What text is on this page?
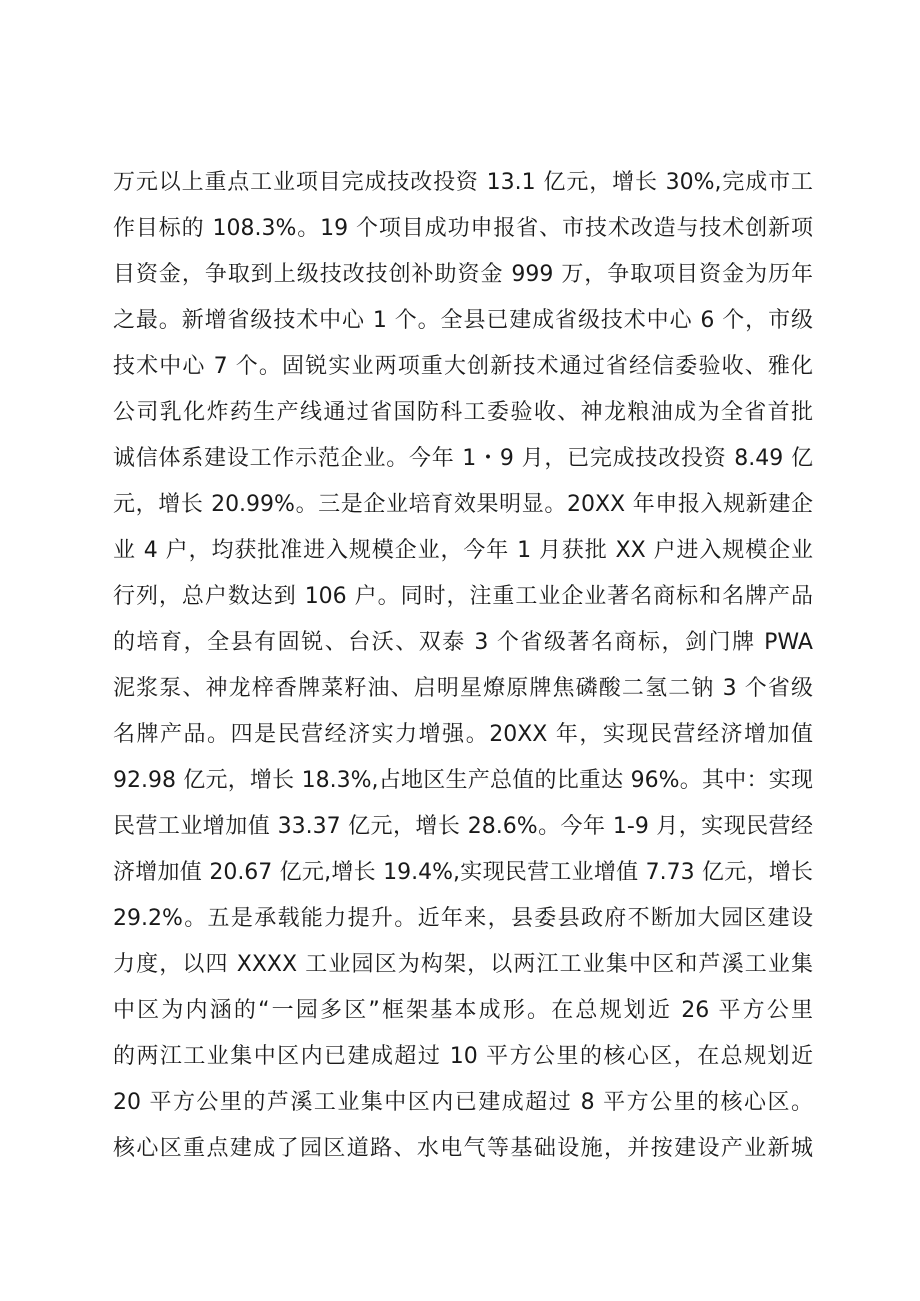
万元以上重点工业项目完成技改投资 13.1 亿元，增长 30%,完成市工
作目标的 108.3%。19 个项目成功申报省、市技术改造与技术创新项
目资金，争取到上级技改技创补助资金 999 万，争取项目资金为历年
之最。新增省级技术中心 1 个。全县已建成省级技术中心 6 个，市级
技术中心 7 个。固锐实业两项重大创新技术通过省经信委验收、雅化
公司乳化炸药生产线通过省国防科工委验收、神龙粮油成为全省首批
诚信体系建设工作示范企业。今年 1・9 月，已完成技改投资 8.49 亿
元，增长 20.99%。三是企业培育效果明显。20XX 年申报入规新建企
业 4 户，均获批准进入规模企业，今年 1 月获批 XX 户进入规模企业
行列，总户数达到 106 户。同时，注重工业企业著名商标和名牌产品
的培育，全县有固锐、台沃、双泰 3 个省级著名商标，剑门牌 PWA
泥浆泵、神龙梓香牌菜籽油、启明星燎原牌焦磷酸二氢二钠 3 个省级
名牌产品。四是民营经济实力增强。20XX 年，实现民营经济增加值
92.98 亿元，增长 18.3%,占地区生产总值的比重达 96%。其中：实现
民营工业增加值 33.37 亿元，增长 28.6%。今年 1-9 月，实现民营经
济增加值 20.67 亿元,增长 19.4%,实现民营工业增值 7.73 亿元，增长
29.2%。五是承载能力提升。近年来，县委县政府不断加大园区建设
力度，以四 XXXX 工业园区为构架，以两江工业集中区和芦溪工业集
中区为内涵的“一园多区”框架基本成形。在总规划近 26 平方公里
的两江工业集中区内已建成超过 10 平方公里的核心区，在总规划近
20 平方公里的芦溪工业集中区内已建成超过 8 平方公里的核心区。
核心区重点建成了园区道路、水电气等基础设施，并按建设产业新城
